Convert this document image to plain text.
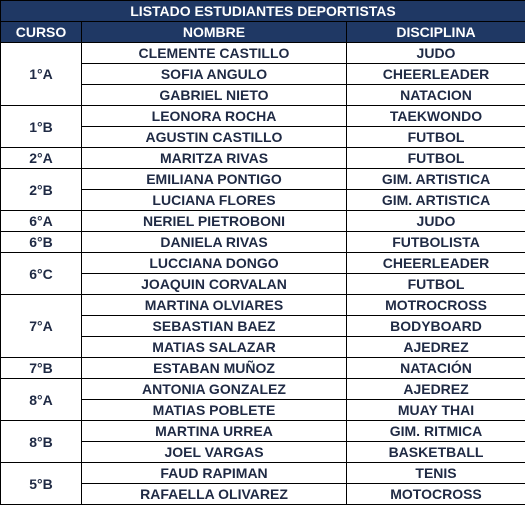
LISTADO ESTUDIANTES DEPORTISTAS		
CURSO	NOMBRE	DISCIPLINA
1°A	CLEMENTE CASTILLO	JUDO
	SOFIA ANGULO	CHEERLEADER
	GABRIEL NIETO	NATACION
1°B	LEONORA ROCHA	TAEKWONDO
	AGUSTIN CASTILLO	FUTBOL
2°A	MARITZA RIVAS	FUTBOL
2°B	EMILIANA PONTIGO	GIM. ARTISTICA
	LUCIANA FLORES	GIM. ARTISTICA
6°A	NERIEL PIETROBONI	JUDO
6°B	DANIELA RIVAS	FUTBOLISTA
6°C	LUCCIANA DONGO	CHEERLEADER
	JOAQUIN CORVALAN	FUTBOL
7°A	MARTINA OLVIARES	MOTROCROSS
	SEBASTIAN BAEZ	BODYBOARD
	MATIAS SALAZAR	AJEDREZ
7°B	ESTABAN MUÑOZ	NATACIÓN
8°A	ANTONIA GONZALEZ	AJEDREZ
	MATIAS POBLETE	MUAY THAI
8°B	MARTINA URREA	GIM. RITMICA
	JOEL VARGAS	BASKETBALL
5°B	FAUD RAPIMAN	TENIS
	RAFAELLA OLIVAREZ	MOTOCROSS
